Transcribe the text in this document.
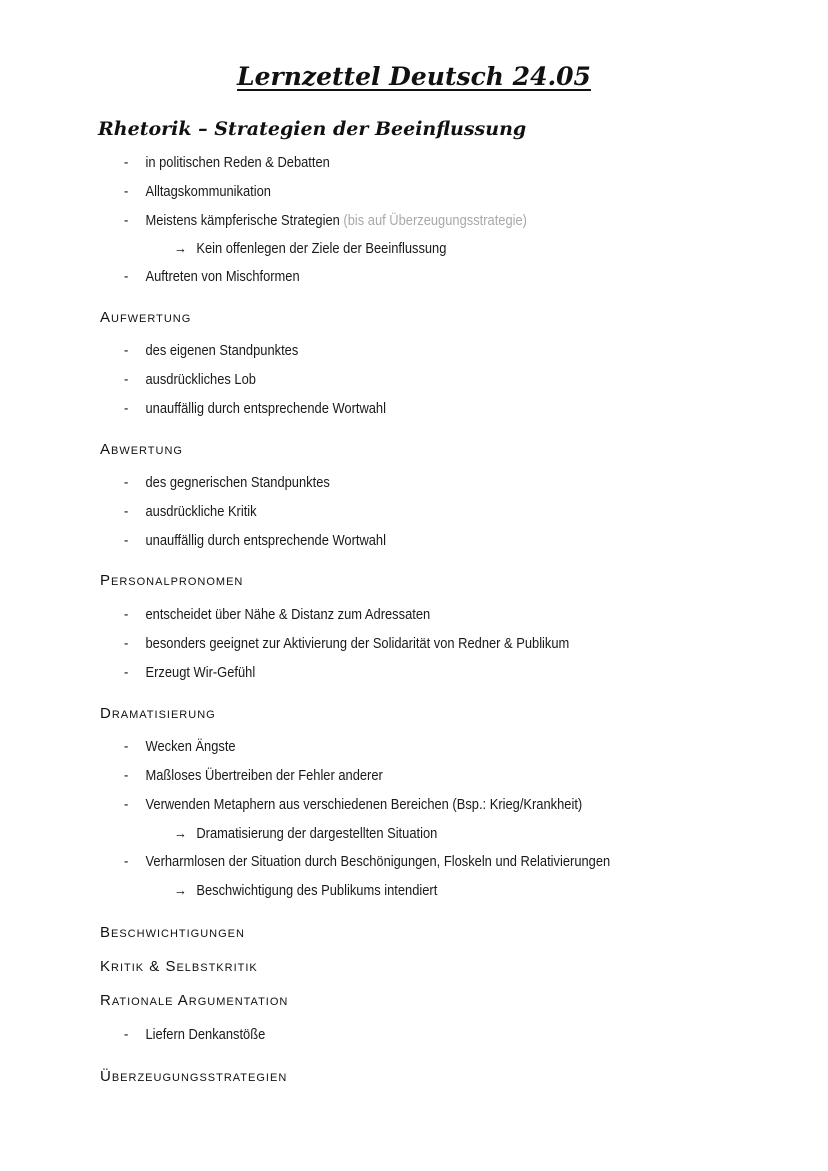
Lernzettel Deutsch 24.05
Rhetorik – Strategien der Beeinflussung
- in politischen Reden & Debatten
- Alltagskommunikation
- Meistens kämpferische Strategien (bis auf Überzeugungsstrategie)
→ Kein offenlegen der Ziele der Beeinflussung
- Auftreten von Mischformen
Aufwertung
- des eigenen Standpunktes
- ausdrückliches Lob
- unauffällig durch entsprechende Wortwahl
Abwertung
- des gegnerischen Standpunktes
- ausdrückliche Kritik
- unauffällig durch entsprechende Wortwahl
Personalpronomen
- entscheidet über Nähe & Distanz zum Adressaten
- besonders geeignet zur Aktivierung der Solidarität von Redner & Publikum
- Erzeugt Wir-Gefühl
Dramatisierung
- Wecken Ängste
- Maßloses Übertreiben der Fehler anderer
- Verwenden Metaphern aus verschiedenen Bereichen (Bsp.: Krieg/Krankheit)
→ Dramatisierung der dargestellten Situation
- Verharmlosen der Situation durch Beschönigungen, Floskeln und Relativierungen
→ Beschwichtigung des Publikums intendiert
Beschwichtigungen
Kritik & Selbstkritik
Rationale Argumentation
- Liefern Denkanstöße
Überzeugungsstrategien
